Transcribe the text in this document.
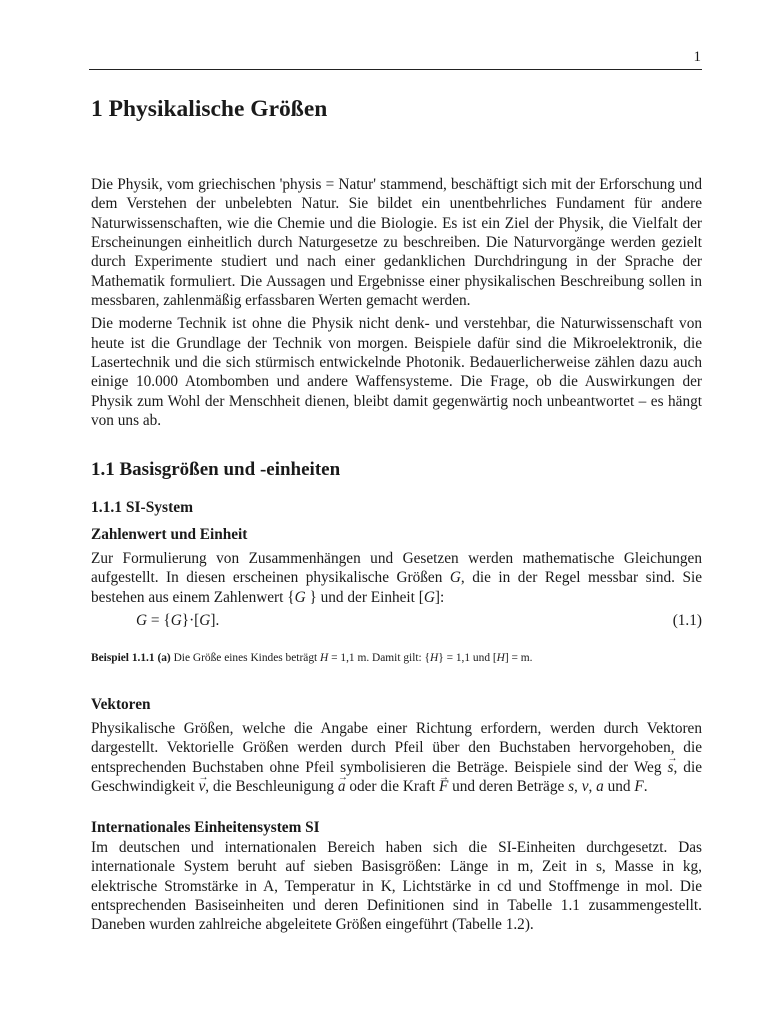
1
1 Physikalische Größen

Die Physik, vom griechischen 'physis = Natur' stammend, beschäftigt sich mit der Erforschung und dem Verstehen der unbelebten Natur. Sie bildet ein unentbehrliches Fundament für andere Naturwissenschaften, wie die Chemie und die Biologie. Es ist ein Ziel der Physik, die Vielfalt der Erscheinungen einheitlich durch Naturgesetze zu beschreiben. Die Naturvorgänge werden gezielt durch Experimente studiert und nach einer gedanklichen Durchdringung in der Sprache der Mathematik formuliert. Die Aussagen und Ergebnisse einer physikalischen Beschreibung sollen in messbaren, zahlenmäßig erfassbaren Werten gemacht werden.

Die moderne Technik ist ohne die Physik nicht denk- und verstehbar, die Naturwissenschaft von heute ist die Grundlage der Technik von morgen. Beispiele dafür sind die Mikroelektronik, die Lasertechnik und die sich stürmisch entwickelnde Photonik. Bedauerlicherweise zählen dazu auch einige 10.000 Atombomben und andere Waffensysteme. Die Frage, ob die Auswirkungen der Physik zum Wohl der Menschheit dienen, bleibt damit gegenwärtig noch unbeantwortet – es hängt von uns ab.

1.1 Basisgrößen und -einheiten
1.1.1 SI-System
Zahlenwert und Einheit

Zur Formulierung von Zusammenhängen und Gesetzen werden mathematische Gleichungen aufgestellt. In diesen erscheinen physikalische Größen G, die in der Regel messbar sind. Sie bestehen aus einem Zahlenwert {G } und der Einheit [G]:

G = {G}·[G].	(1.1)
Beispiel 1.1.1 (a) Die Größe eines Kindes beträgt H = 1,1 m. Damit gilt: {H} = 1,1 und [H] = m.
Vektoren

Physikalische Größen, welche die Angabe einer Richtung erfordern, werden durch Vektoren dargestellt. Vektorielle Größen werden durch Pfeil über den Buchstaben hervorgehoben, die entsprechenden Buchstaben ohne Pfeil symbolisieren die Beträge. Beispiele sind der Weg → s, die Geschwindigkeit → v, die Beschleunigung → a oder die Kraft → F und deren Beträge s, v, a und F.

Internationales Einheitensystem SI

Im deutschen und internationalen Bereich haben sich die SI-Einheiten durchgesetzt. Das internationale System beruht auf sieben Basisgrößen: Länge in m, Zeit in s, Masse in kg, elektrische Stromstärke in A, Temperatur in K, Lichtstärke in cd und Stoffmenge in mol. Die entsprechenden Basiseinheiten und deren Definitionen sind in Tabelle 1.1 zusammengestellt. Daneben wurden zahlreiche abgeleitete Größen eingeführt (Tabelle 1.2).
